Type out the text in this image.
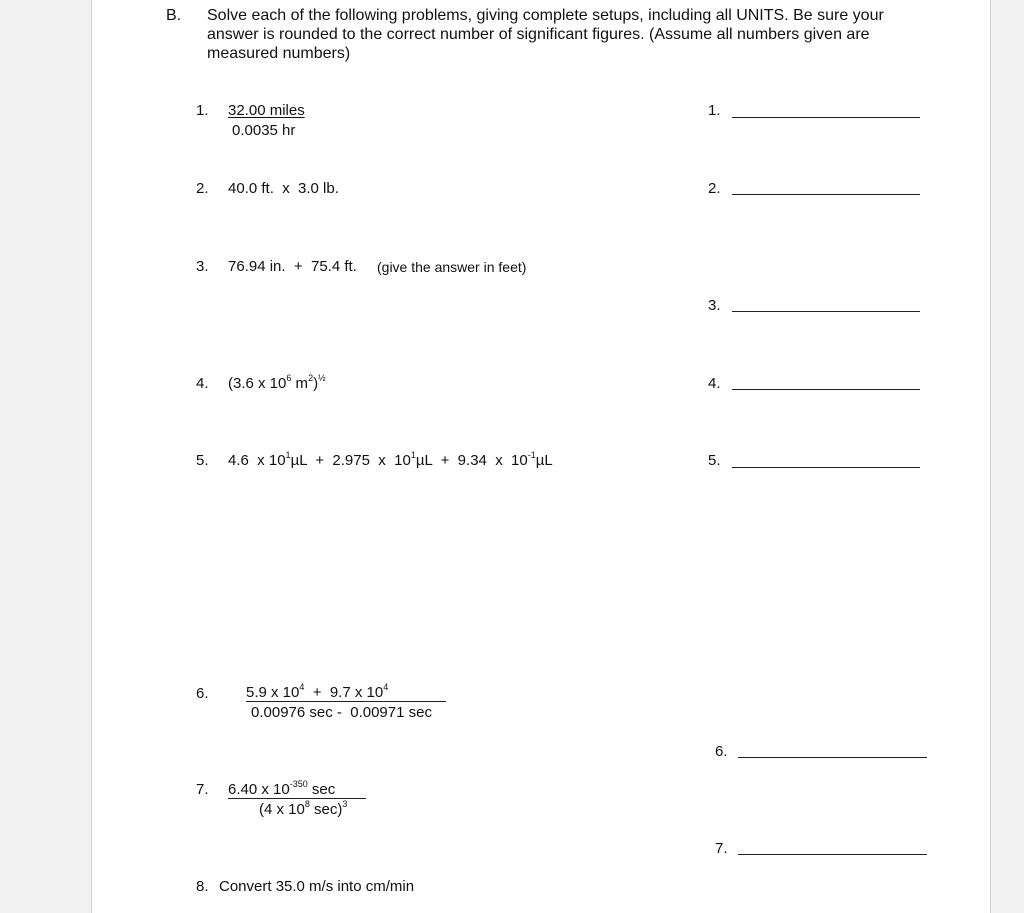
B. Solve each of the following problems, giving complete setups, including all UNITS. Be sure your
answer is rounded to the correct number of significant figures. (Assume all numbers given are
measured numbers)
1. 32.00 miles
0.0035 hr
1.
2. 40.0 ft.  x  3.0 lb.	2.
3. 76.94 in.  +  75.4 ft. (give the answer in feet)
3.
4. (3.6 x $10^6$ $m^2)^{\frac{1}{2}}$	4.
5. 4.6  x $10^1\mu L + 2.975$  x  $10^1\mu L + 9.34$  x  $10^{-1}\mu L$	5.
6. 5.9 x $10^4 + 9.7$ x $10^4$
0.00976 sec -  0.00971 sec
6.
7. 6.40 x $10^{-350}$ sec
(4 x $10^8$ sec)$^3$
7.
8. Convert 35.0 m/s into cm/min
